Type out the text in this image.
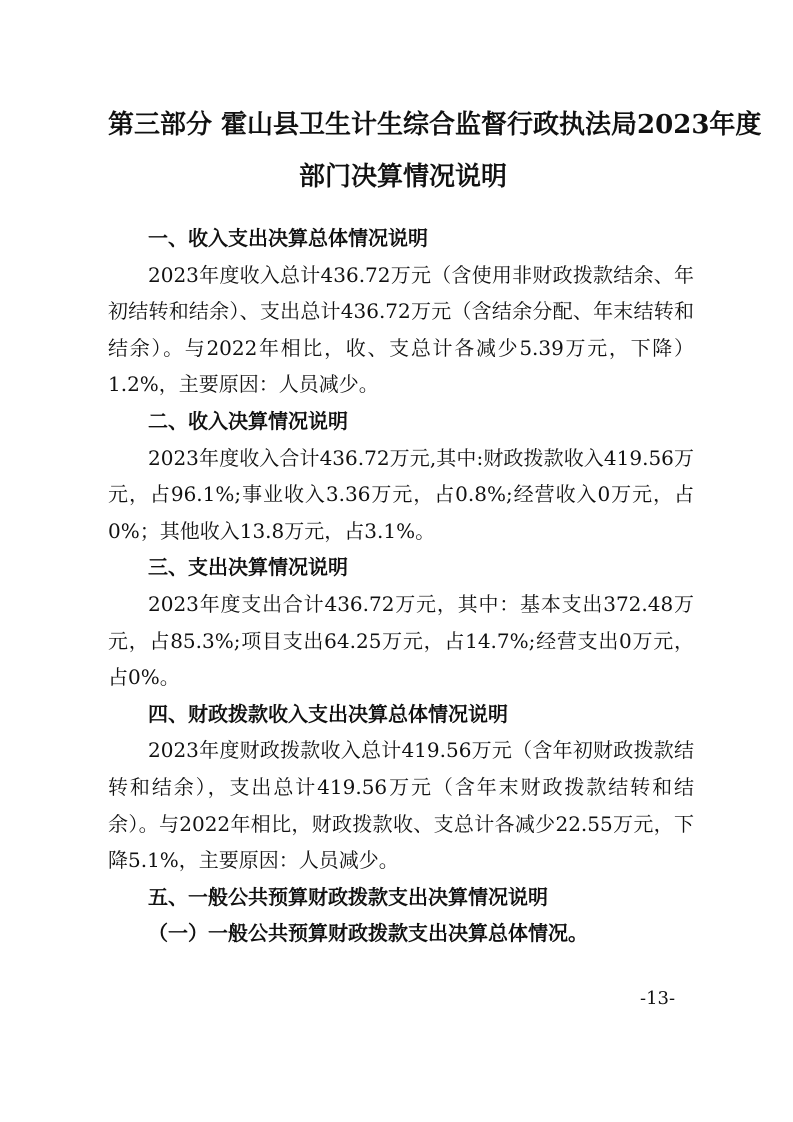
第三部分 霍山县卫生计生综合监督行政执法局2023年度
部门决算情况说明
一、收入支出决算总体情况说明

2023年度收入总计436.72万元（含使用非财政拨款结余、年初结转和结余）、支出总计436.72万元（含结余分配、年末结转和结余）。与2022年相比，收、支总计各减少5.39万元，下降）1.2%，主要原因：人员减少。

二、收入决算情况说明

2023年度收入合计436.72万元,其中:财政拨款收入419.56万元，占96.1%;事业收入3.36万元，占0.8%;经营收入0万元，占0%；其他收入13.8万元，占3.1%。

三、支出决算情况说明

2023年度支出合计436.72万元，其中：基本支出372.48万元，占85.3%;项目支出64.25万元，占14.7%;经营支出0万元，占0%。

四、财政拨款收入支出决算总体情况说明

2023年度财政拨款收入总计419.56万元（含年初财政拨款结转和结余），支出总计419.56万元（含年末财政拨款结转和结余）。与2022年相比，财政拨款收、支总计各减少22.55万元，下降5.1%，主要原因：人员减少。

五、一般公共预算财政拨款支出决算情况说明
（一）一般公共预算财政拨款支出决算总体情况。
-13-
